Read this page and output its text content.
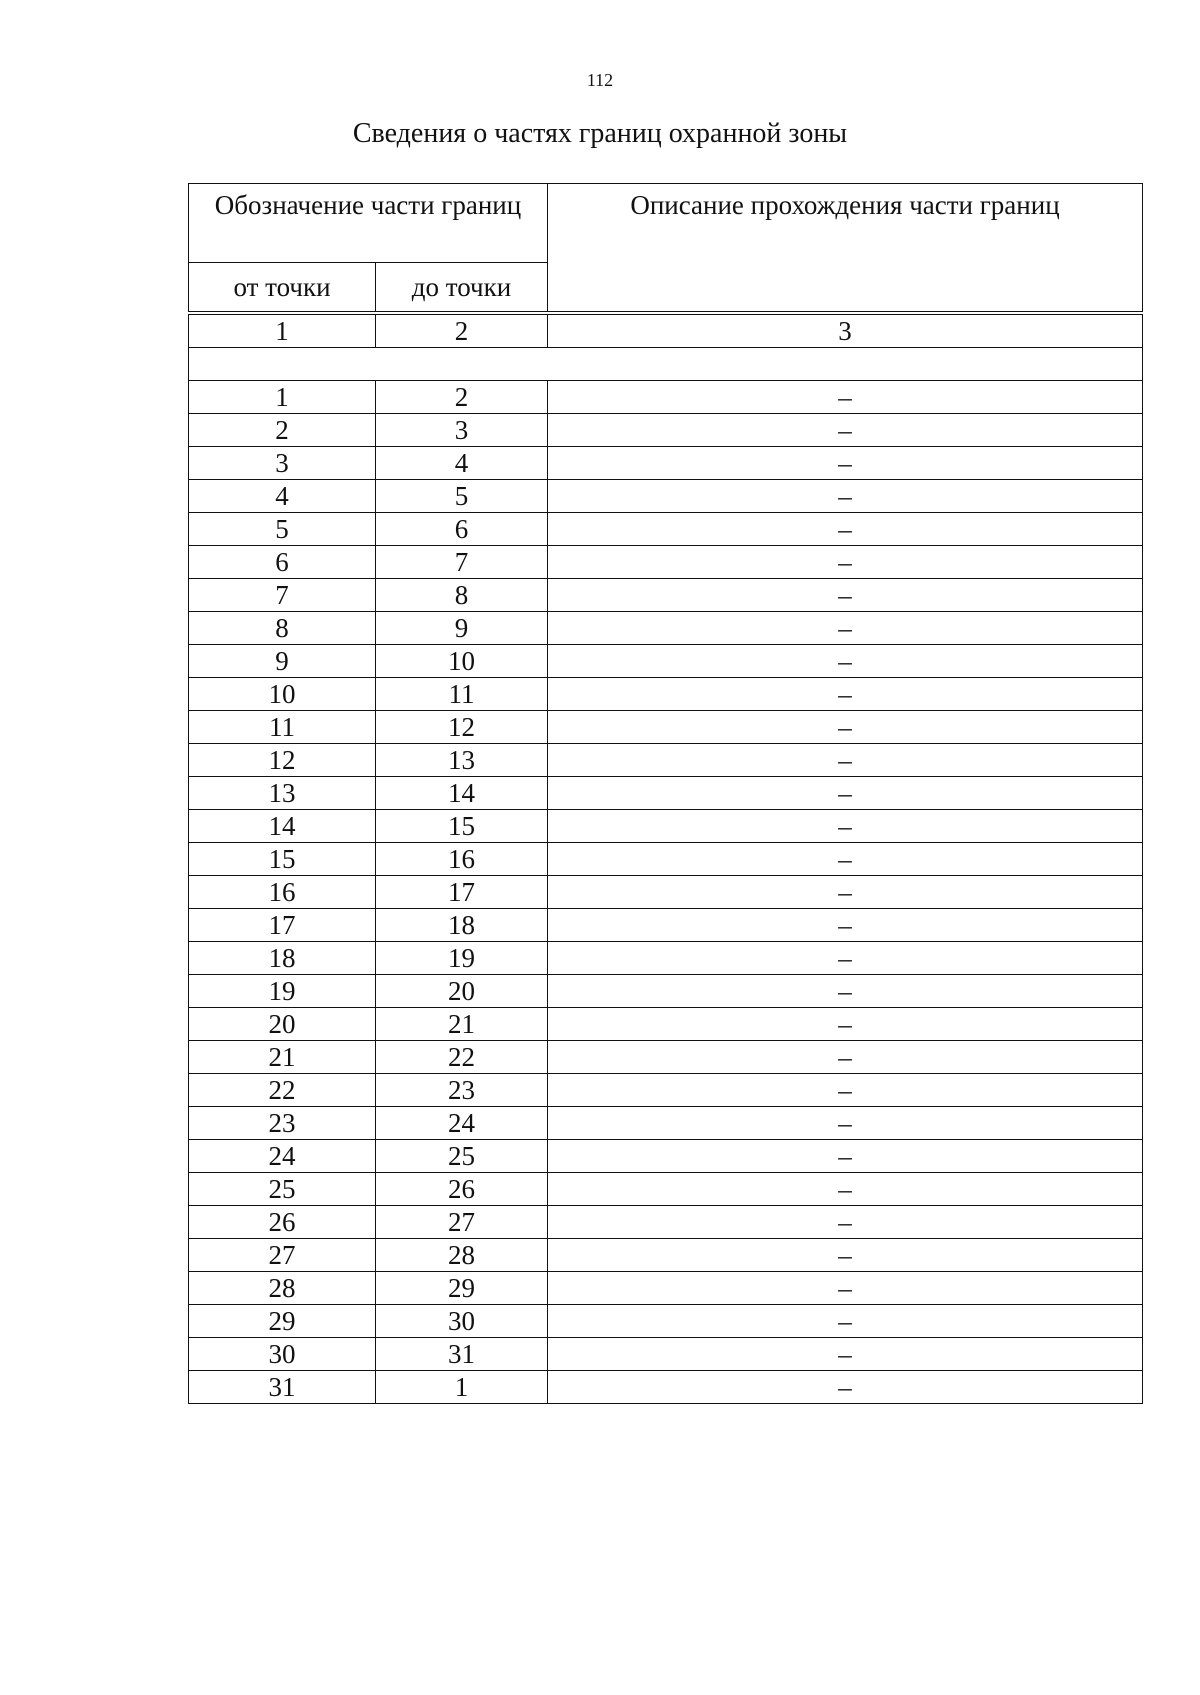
112
Сведения о частях границ охранной зоны
Обозначение части границ		Описание прохождения части границ
от точки	до точки	

1	2	3

1	2	–
2	3	–
3	4	–
4	5	–
5	6	–
6	7	–
7	8	–
8	9	–
9	10	–
10	11	–
11	12	–
12	13	–
13	14	–
14	15	–
15	16	–
16	17	–
17	18	–
18	19	–
19	20	–
20	21	–
21	22	–
22	23	–
23	24	–
24	25	–
25	26	–
26	27	–
27	28	–
28	29	–
29	30	–
30	31	–
31	1	–
